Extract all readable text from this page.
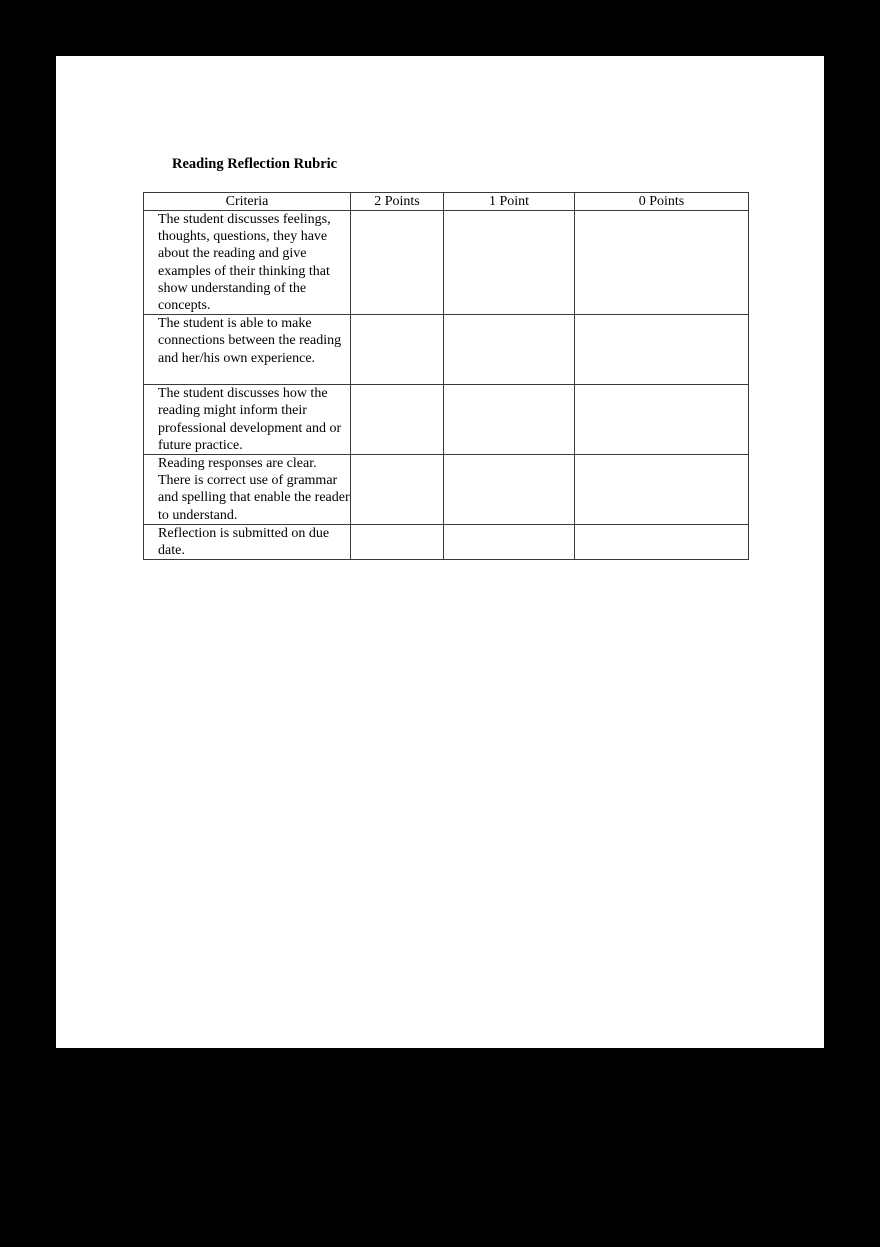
Reading Reflection Rubric
Criteria	2 Points	1 Point	0 Points
The student discusses feelings, thoughts, questions, they have about the reading and give examples of their thinking that show understanding of the concepts.			
The student is able to make connections between the reading and her/his own experience.			
The student discusses how the reading might inform their professional development and or future practice.			
Reading responses are clear. There is correct use of grammar and spelling that enable the reader to understand.			
Reflection is submitted on due date.			
